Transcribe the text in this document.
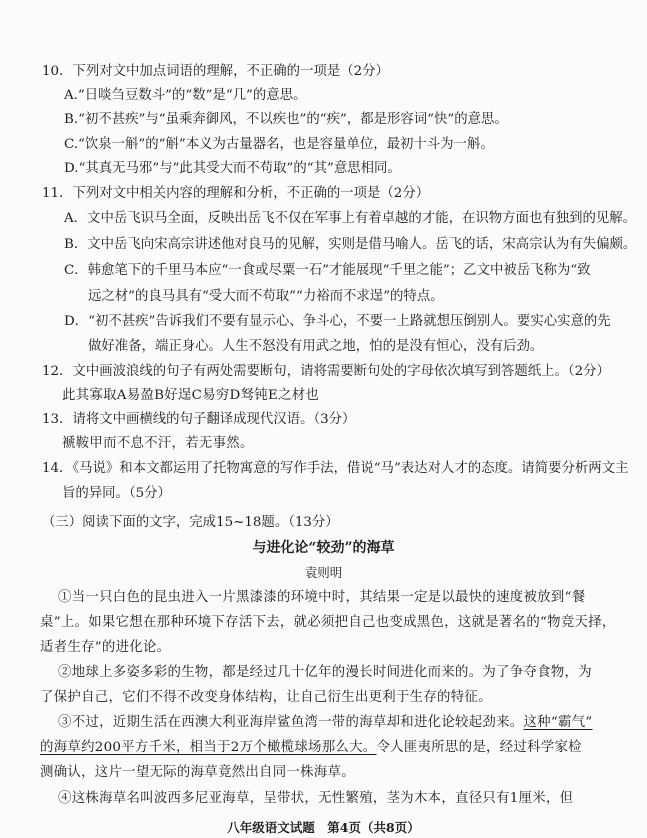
10．下列对文中加点词语的理解，不正确的一项是（2分）
A.“日啖刍豆数斗”的“数”是“几”的意思。
B.“初不甚疾”与“虽乘奔御风，不以疾也”的“疾”，都是形容词“快”的意思。
C.“饮泉一斛”的“斛”本义为古量器名，也是容量单位，最初十斗为一斛。
D.“其真无马邪”与“此其受大而不苟取”的“其”意思相同。
11．下列对文中相关内容的理解和分析，不正确的一项是（2分）
A．文中岳飞识马全面，反映出岳飞不仅在军事上有着卓越的才能，在识物方面也有独到的见解。
B．文中岳飞向宋高宗讲述他对良马的见解，实则是借马喻人。岳飞的话，宋高宗认为有失偏颇。
C．韩愈笔下的千里马本应“一食或尽粟一石”才能展现“千里之能”；乙文中被岳飞称为“致
远之材”的良马具有“受大而不苟取”“力裕而不求逞”的特点。
D．“初不甚疾”告诉我们不要有显示心、争斗心，不要一上路就想压倒别人。要实心实意的先
做好准备，端正身心。人生不怒没有用武之地，怕的是没有恒心，没有后劲。
12．文中画波浪线的句子有两处需要断句，请将需要断句处的字母依次填写到答题纸上。（2分）
此其寡取A易盈B好逞C易穷D驽钝E之材也
13．请将文中画横线的句子翻译成现代汉语。（3分）
褫鞍甲而不息不汗，若无事然。
14．《马说》和本文都运用了托物寓意的写作手法，借说“马”表达对人才的态度。请简要分析两文主
旨的异同。（5分）
（三）阅读下面的文字，完成15~18题。（13分）
与进化论“较劲”的海草
袁则明
①当一只白色的昆虫进入一片黑漆漆的环境中时，其结果一定是以最快的速度被放到“餐
桌”上。如果它想在那种环境下存活下去，就必须把自己也变成黑色，这就是著名的“物竞天择，
适者生存”的进化论。
②地球上多姿多彩的生物，都是经过几十亿年的漫长时间进化而来的。为了争夺食物，为
了保护自己，它们不得不改变身体结构，让自己衍生出更利于生存的特征。
③不过，近期生活在西澳大利亚海岸鲨鱼湾一带的海草却和进化论较起劲来。这种“霸气”
的海草约200平方千米，相当于2万个橄榄球场那么大。令人匪夷所思的是，经过科学家检
测确认，这片一望无际的海草竟然出自同一株海草。
④这株海草名叫波西多尼亚海草，呈带状，无性繁殖，茎为木本，直径只有1厘米，但
八年级语文试题　第4页（共8页）
